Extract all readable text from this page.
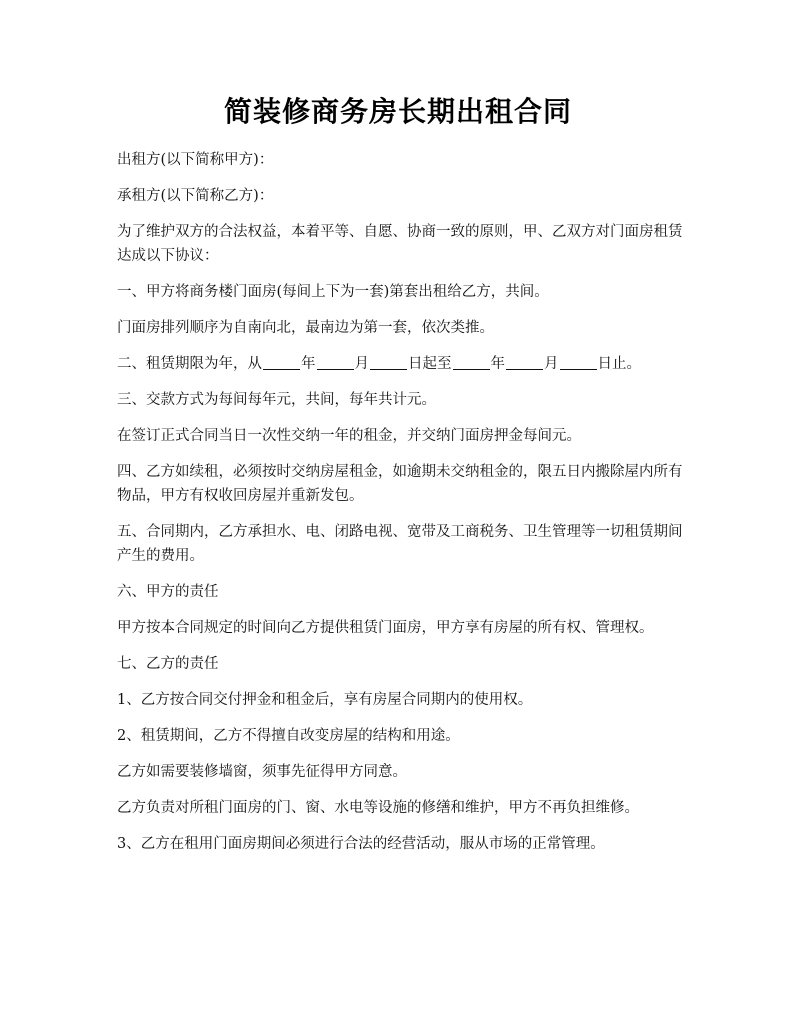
简装修商务房长期出租合同

出租方(以下简称甲方)：

承租方(以下简称乙方)：

为了维护双方的合法权益，本着平等、自愿、协商一致的原则，甲、乙双方对门面房租赁达成以下协议：

一、甲方将商务楼门面房(每间上下为一套)第套出租给乙方，共间。

门面房排列顺序为自南向北，最南边为第一套，依次类推。

二、租赁期限为年，从	年	月	日起至	年	月	日止。

三、交款方式为每间每年元，共间，每年共计元。

在签订正式合同当日一次性交纳一年的租金，并交纳门面房押金每间元。

四、乙方如续租，必须按时交纳房屋租金，如逾期未交纳租金的，限五日内搬除屋内所有物品，甲方有权收回房屋并重新发包。

五、合同期内，乙方承担水、电、闭路电视、宽带及工商税务、卫生管理等一切租赁期间产生的费用。

六、甲方的责任

甲方按本合同规定的时间向乙方提供租赁门面房，甲方享有房屋的所有权、管理权。

七、乙方的责任

1、乙方按合同交付押金和租金后，享有房屋合同期内的使用权。

2、租赁期间，乙方不得擅自改变房屋的结构和用途。

乙方如需要装修墙窗，须事先征得甲方同意。

乙方负责对所租门面房的门、窗、水电等设施的修缮和维护，甲方不再负担维修。

3、乙方在租用门面房期间必须进行合法的经营活动，服从市场的正常管理。
